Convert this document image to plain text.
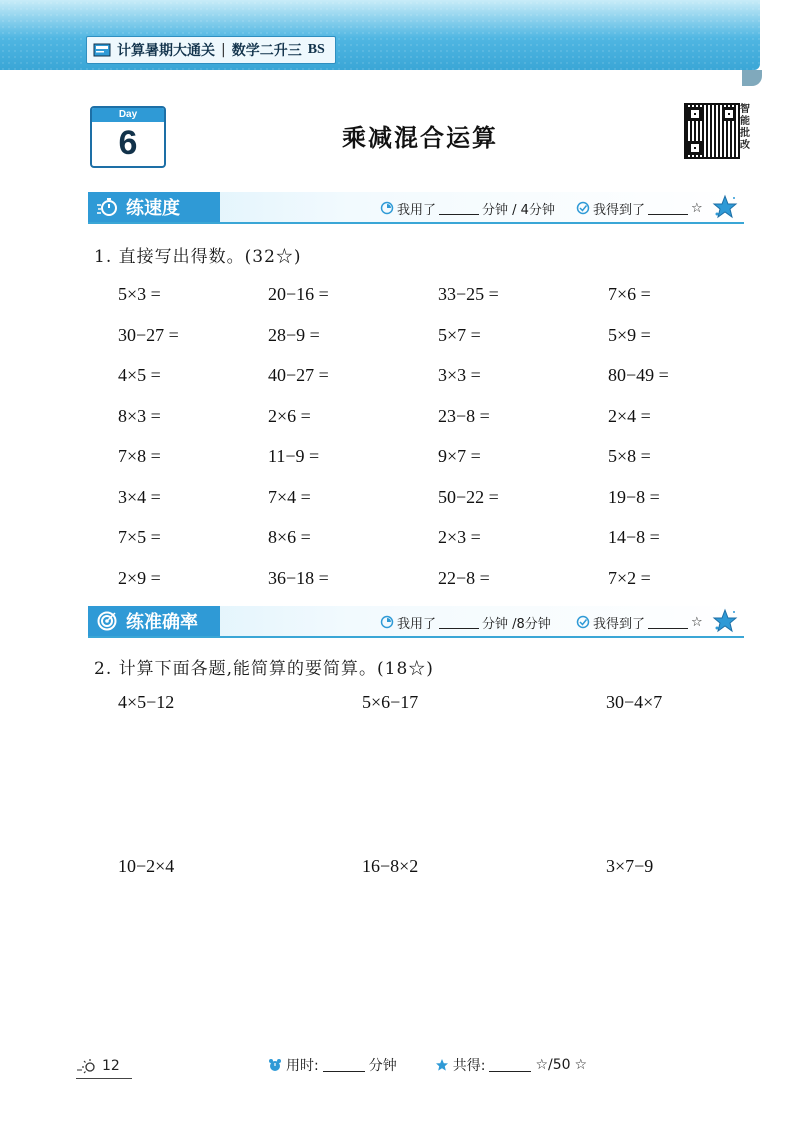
计算暑期大通关 | 数学二升三 BS
Day
6	乘减混合运算
智能批改
练速度	我用了	分钟 / 4分钟	我得到了	☆
1. 直接写出得数。(32☆)
5×3 =	20−16 =	33−25 =	7×6 =
30−27 =	28−9 =	5×7 =	5×9 =
4×5 =	40−27 =	3×3 =	80−49 =
8×3 =	2×6 =	23−8 =	2×4 =
7×8 =	11−9 =	9×7 =	5×8 =
3×4 =	7×4 =	50−22 =	19−8 =
7×5 =	8×6 =	2×3 =	14−8 =
2×9 =	36−18 =	22−8 =	7×2 =
练准确率	我用了	分钟 /8分钟	我得到了	☆
2. 计算下面各题,能简算的要简算。(18☆)
4×5−12	5×6−17	30−4×7
10−2×4	16−8×2	3×7−9
用时:	分钟	共得:	☆/50 ☆
12
